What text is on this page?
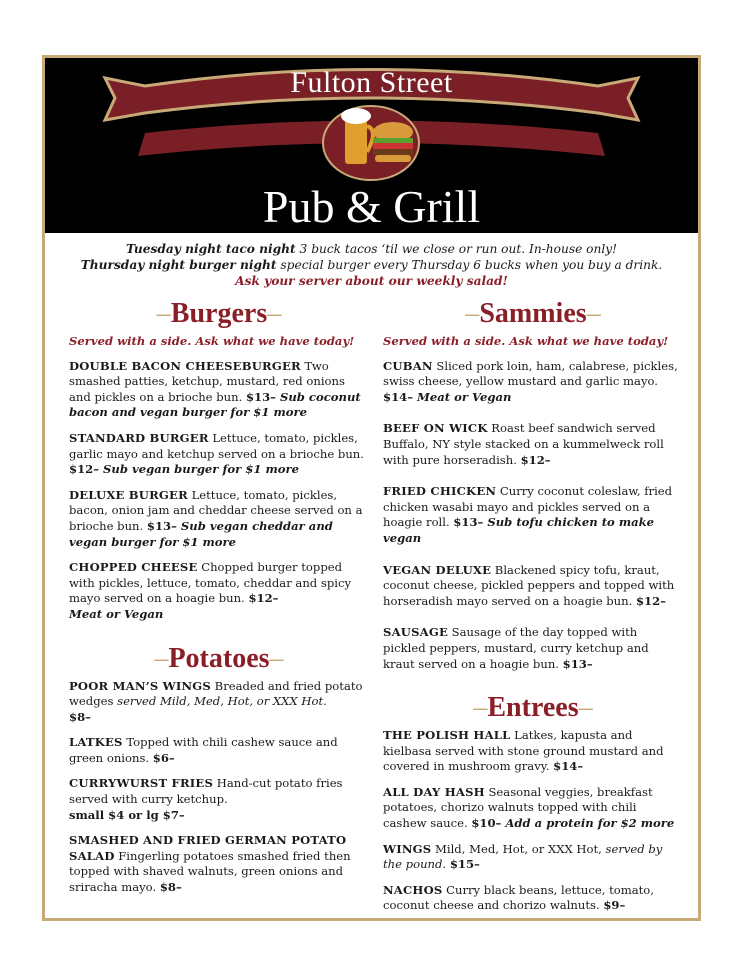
Fulton Street
Pub & Grill
Tuesday night taco night 3 buck tacos ‘til we close or run out. In-house only!
Thursday night burger night special burger every Thursday 6 bucks when you buy a drink.
Ask your server about our weekly salad!
–Burgers–
Served with a side. Ask what we have today!
DOUBLE BACON CHEESEBURGER Two smashed patties, ketchup, mustard, red onions and pickles on a brioche bun. $13– Sub coconut bacon and vegan burger for $1 more
STANDARD BURGER Lettuce, tomato, pickles, garlic mayo and ketchup served on a brioche bun. $12– Sub vegan burger for $1 more
DELUXE BURGER Lettuce, tomato, pickles, bacon, onion jam and cheddar cheese served on a brioche bun. $13– Sub vegan cheddar and vegan burger for $1 more
CHOPPED CHEESE Chopped burger topped with pickles, lettuce, tomato, cheddar and spicy mayo served on a hoagie bun. $12–
Meat or Vegan
–Potatoes–
POOR MAN’S WINGS Breaded and fried potato wedges served Mild, Med, Hot, or XXX Hot.
$8–
LATKES Topped with chili cashew sauce and green onions. $6–
CURRYWURST FRIES Hand-cut potato fries served with curry ketchup.
small $4 or lg $7–
SMASHED AND FRIED GERMAN POTATO SALAD Fingerling potatoes smashed fried then topped with shaved walnuts, green onions and sriracha mayo. $8–
–Sammies–
Served with a side. Ask what we have today!
CUBAN Sliced pork loin, ham, calabrese, pickles, swiss cheese, yellow mustard and garlic mayo. $14– Meat or Vegan
BEEF ON WICK Roast beef sandwich served Buffalo, NY style stacked on a kummelweck roll with pure horseradish. $12–
FRIED CHICKEN Curry coconut coleslaw, fried chicken wasabi mayo and pickles served on a hoagie roll. $13– Sub tofu chicken to make vegan
VEGAN DELUXE Blackened spicy tofu, kraut, coconut cheese, pickled peppers and topped with horseradish mayo served on a hoagie bun. $12–
SAUSAGE Sausage of the day topped with pickled peppers, mustard, curry ketchup and kraut served on a hoagie bun. $13–
–Entrees–
THE POLISH HALL Latkes, kapusta and kielbasa served with stone ground mustard and covered in mushroom gravy. $14–
ALL DAY HASH Seasonal veggies, breakfast potatoes, chorizo walnuts topped with chili cashew sauce. $10– Add a protein for $2 more
WINGS Mild, Med, Hot, or XXX Hot, served by the pound. $15–
NACHOS Curry black beans, lettuce, tomato, coconut cheese and chorizo walnuts. $9–
